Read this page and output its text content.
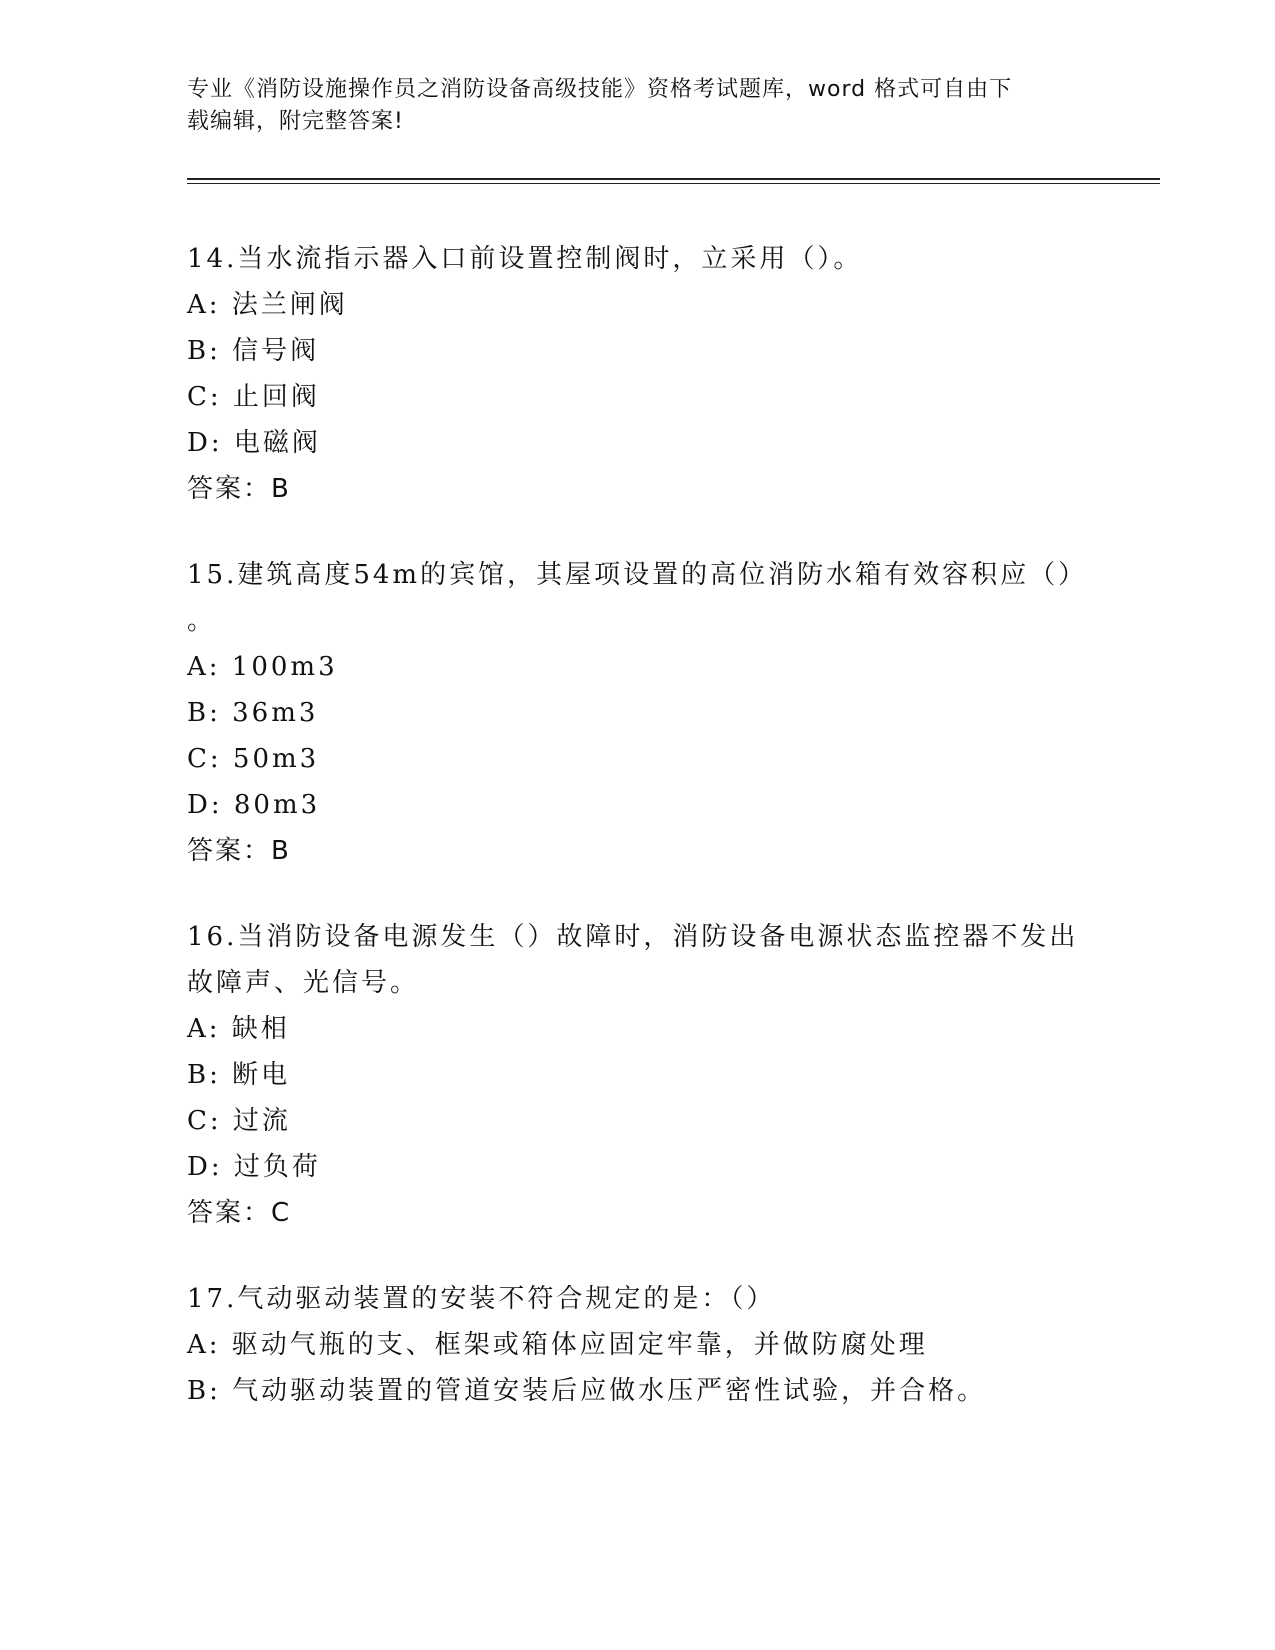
专业《消防设施操作员之消防设备高级技能》资格考试题库，word 格式可自由下
载编辑，附完整答案!
14.当水流指示器入口前设置控制阀时，立采用（）。
A: 法兰闸阀
B: 信号阀
C: 止回阀
D: 电磁阀
答案：B
15.建筑高度54m的宾馆，其屋项设置的高位消防水箱有效容积应（）
。
A: 100m3
B: 36m3
C: 50m3
D: 80m3
答案：B
16.当消防设备电源发生（）故障时，消防设备电源状态监控器不发出
故障声、光信号。
A: 缺相
B: 断电
C: 过流
D: 过负荷
答案：C
17.气动驱动装置的安装不符合规定的是：（）
A: 驱动气瓶的支、框架或箱体应固定牢靠，并做防腐处理
B: 气动驱动装置的管道安装后应做水压严密性试验，并合格。
